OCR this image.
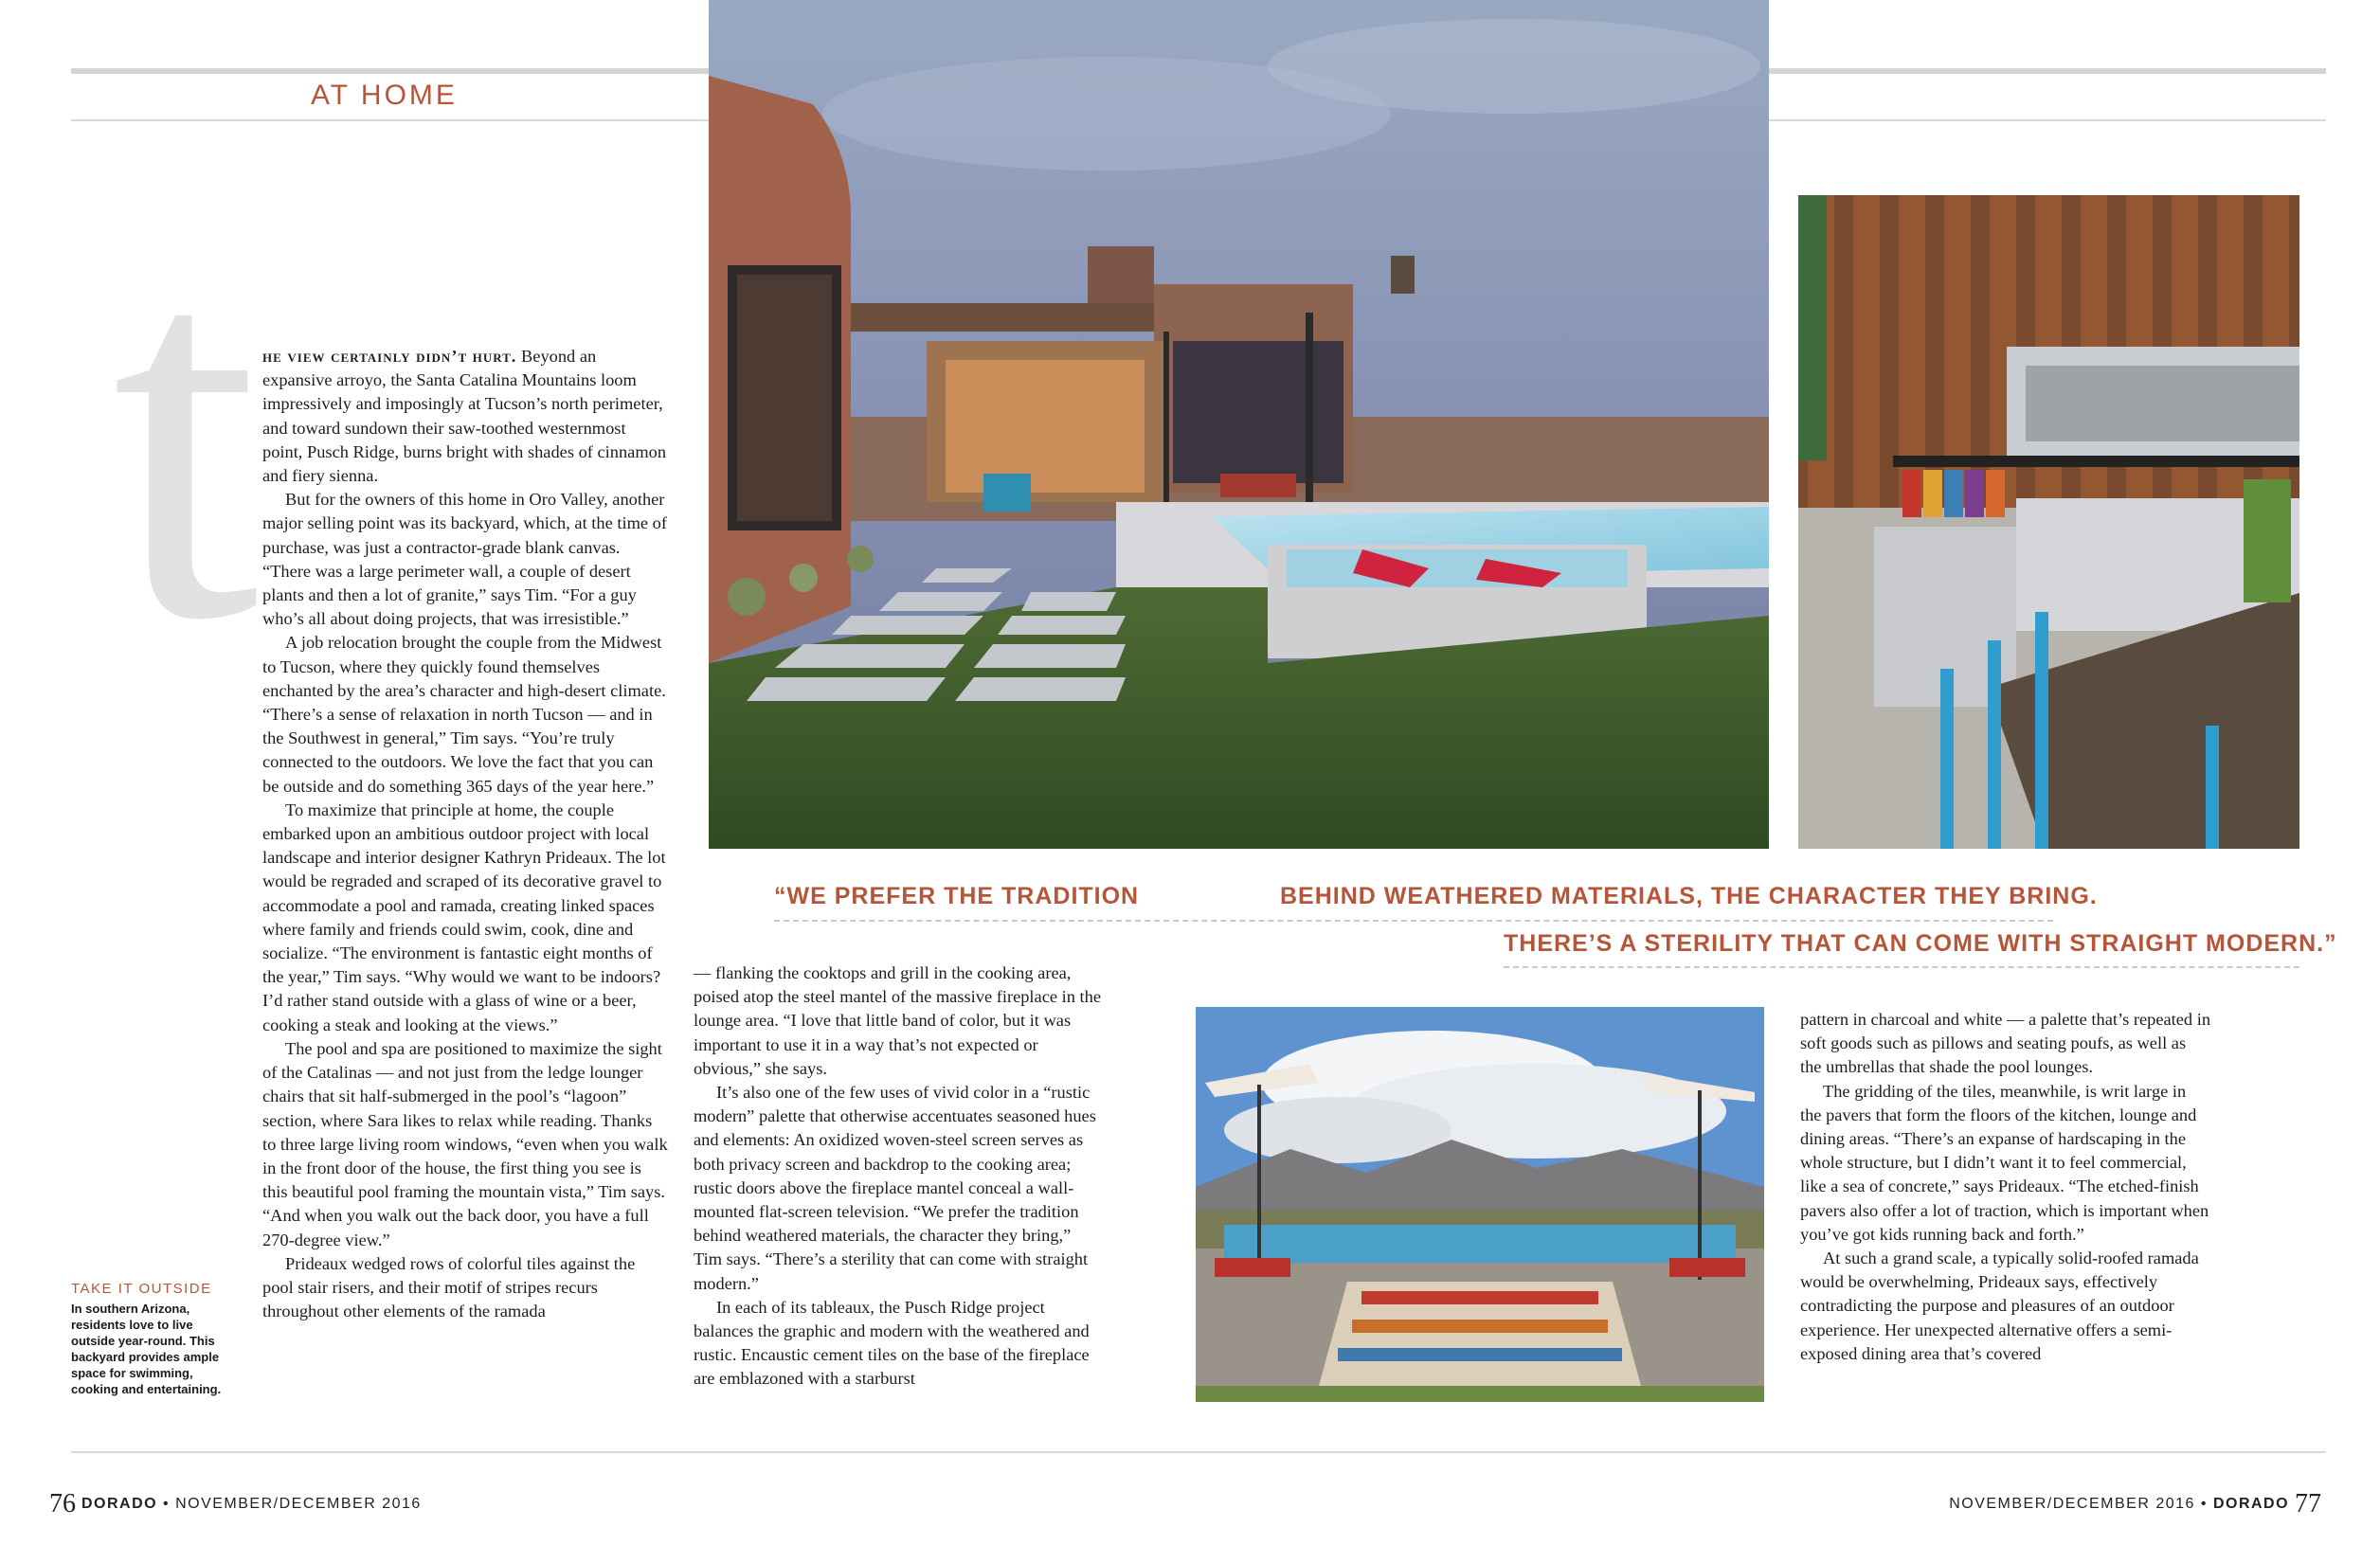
AT HOME
t
“WE PREFER THE TRADITION	BEHIND WEATHERED MATERIALS, THE CHARACTER THEY BRING.
THERE’S A STERILITY THAT CAN COME WITH STRAIGHT MODERN.”

he view certainly didn’t hurt. Beyond an expansive arroyo, the Santa Catalina Mountains loom impressively and imposingly at Tucson’s north perimeter, and toward sundown their saw-toothed westernmost point, Pusch Ridge, burns bright with shades of cinnamon and fiery sienna.

But for the owners of this home in Oro Valley, another major selling point was its backyard, which, at the time of purchase, was just a contractor-grade blank canvas. “There was a large perimeter wall, a couple of desert plants and then a lot of granite,” says Tim. “For a guy who’s all about doing projects, that was irresistible.”

A job relocation brought the couple from the Midwest to Tucson, where they quickly found themselves enchanted by the area’s character and high-desert climate. “There’s a sense of relaxation in north Tucson — and in the Southwest in general,” Tim says. “You’re truly connected to the outdoors. We love the fact that you can be outside and do something 365 days of the year here.”

To maximize that principle at home, the couple embarked upon an ambitious outdoor project with local landscape and interior designer Kathryn Prideaux. The lot would be regraded and scraped of its decorative gravel to accommodate a pool and ramada, creating linked spaces where family and friends could swim, cook, dine and socialize. “The environment is fantastic eight months of the year,” Tim says. “Why would we want to be indoors? I’d rather stand outside with a glass of wine or a beer, cooking a steak and looking at the views.”

The pool and spa are positioned to maximize the sight of the Catalinas — and not just from the ledge lounger chairs that sit half-submerged in the pool’s “lagoon” section, where Sara likes to relax while reading. Thanks to three large living room windows, “even when you walk in the front door of the house, the first thing you see is this beautiful pool framing the mountain vista,” Tim says. “And when you walk out the back door, you have a full 270-degree view.”

Prideaux wedged rows of colorful tiles against the pool stair risers, and their motif of stripes recurs throughout other elements of the ramada

— flanking the cooktops and grill in the cooking area, poised atop the steel mantel of the massive fireplace in the lounge area. “I love that little band of color, but it was important to use it in a way that’s not expected or obvious,” she says.

It’s also one of the few uses of vivid color in a “rustic modern” palette that otherwise accentuates seasoned hues and elements: An oxidized woven-steel screen serves as both privacy screen and backdrop to the cooking area; rustic doors above the fireplace mantel conceal a wall-mounted flat-screen television. “We prefer the tradition behind weathered materials, the character they bring,” Tim says. “There’s a sterility that can come with straight modern.”

In each of its tableaux, the Pusch Ridge project balances the graphic and modern with the weathered and rustic. Encaustic cement tiles on the base of the fireplace are emblazoned with a starburst

pattern in charcoal and white — a palette that’s repeated in soft goods such as pillows and seating poufs, as well as the umbrellas that shade the pool lounges.

The gridding of the tiles, meanwhile, is writ large in the pavers that form the floors of the kitchen, lounge and dining areas. “There’s an expanse of hardscaping in the whole structure, but I didn’t want it to feel commercial, like a sea of concrete,” says Prideaux. “The etched-finish pavers also offer a lot of traction, which is important when you’ve got kids running back and forth.”

At such a grand scale, a typically solid-roofed ramada would be overwhelming, Prideaux says, effectively contradicting the purpose and pleasures of an outdoor experience. Her unexpected alternative offers a semi-exposed dining area that’s covered

TAKE IT OUTSIDE
In southern Arizona, residents love to live outside year-round. This backyard provides ample space for swimming, cooking and entertaining.
76 DORADO • NOVEMBER/DECEMBER 2016	NOVEMBER/DECEMBER 2016 • DORADO 77
